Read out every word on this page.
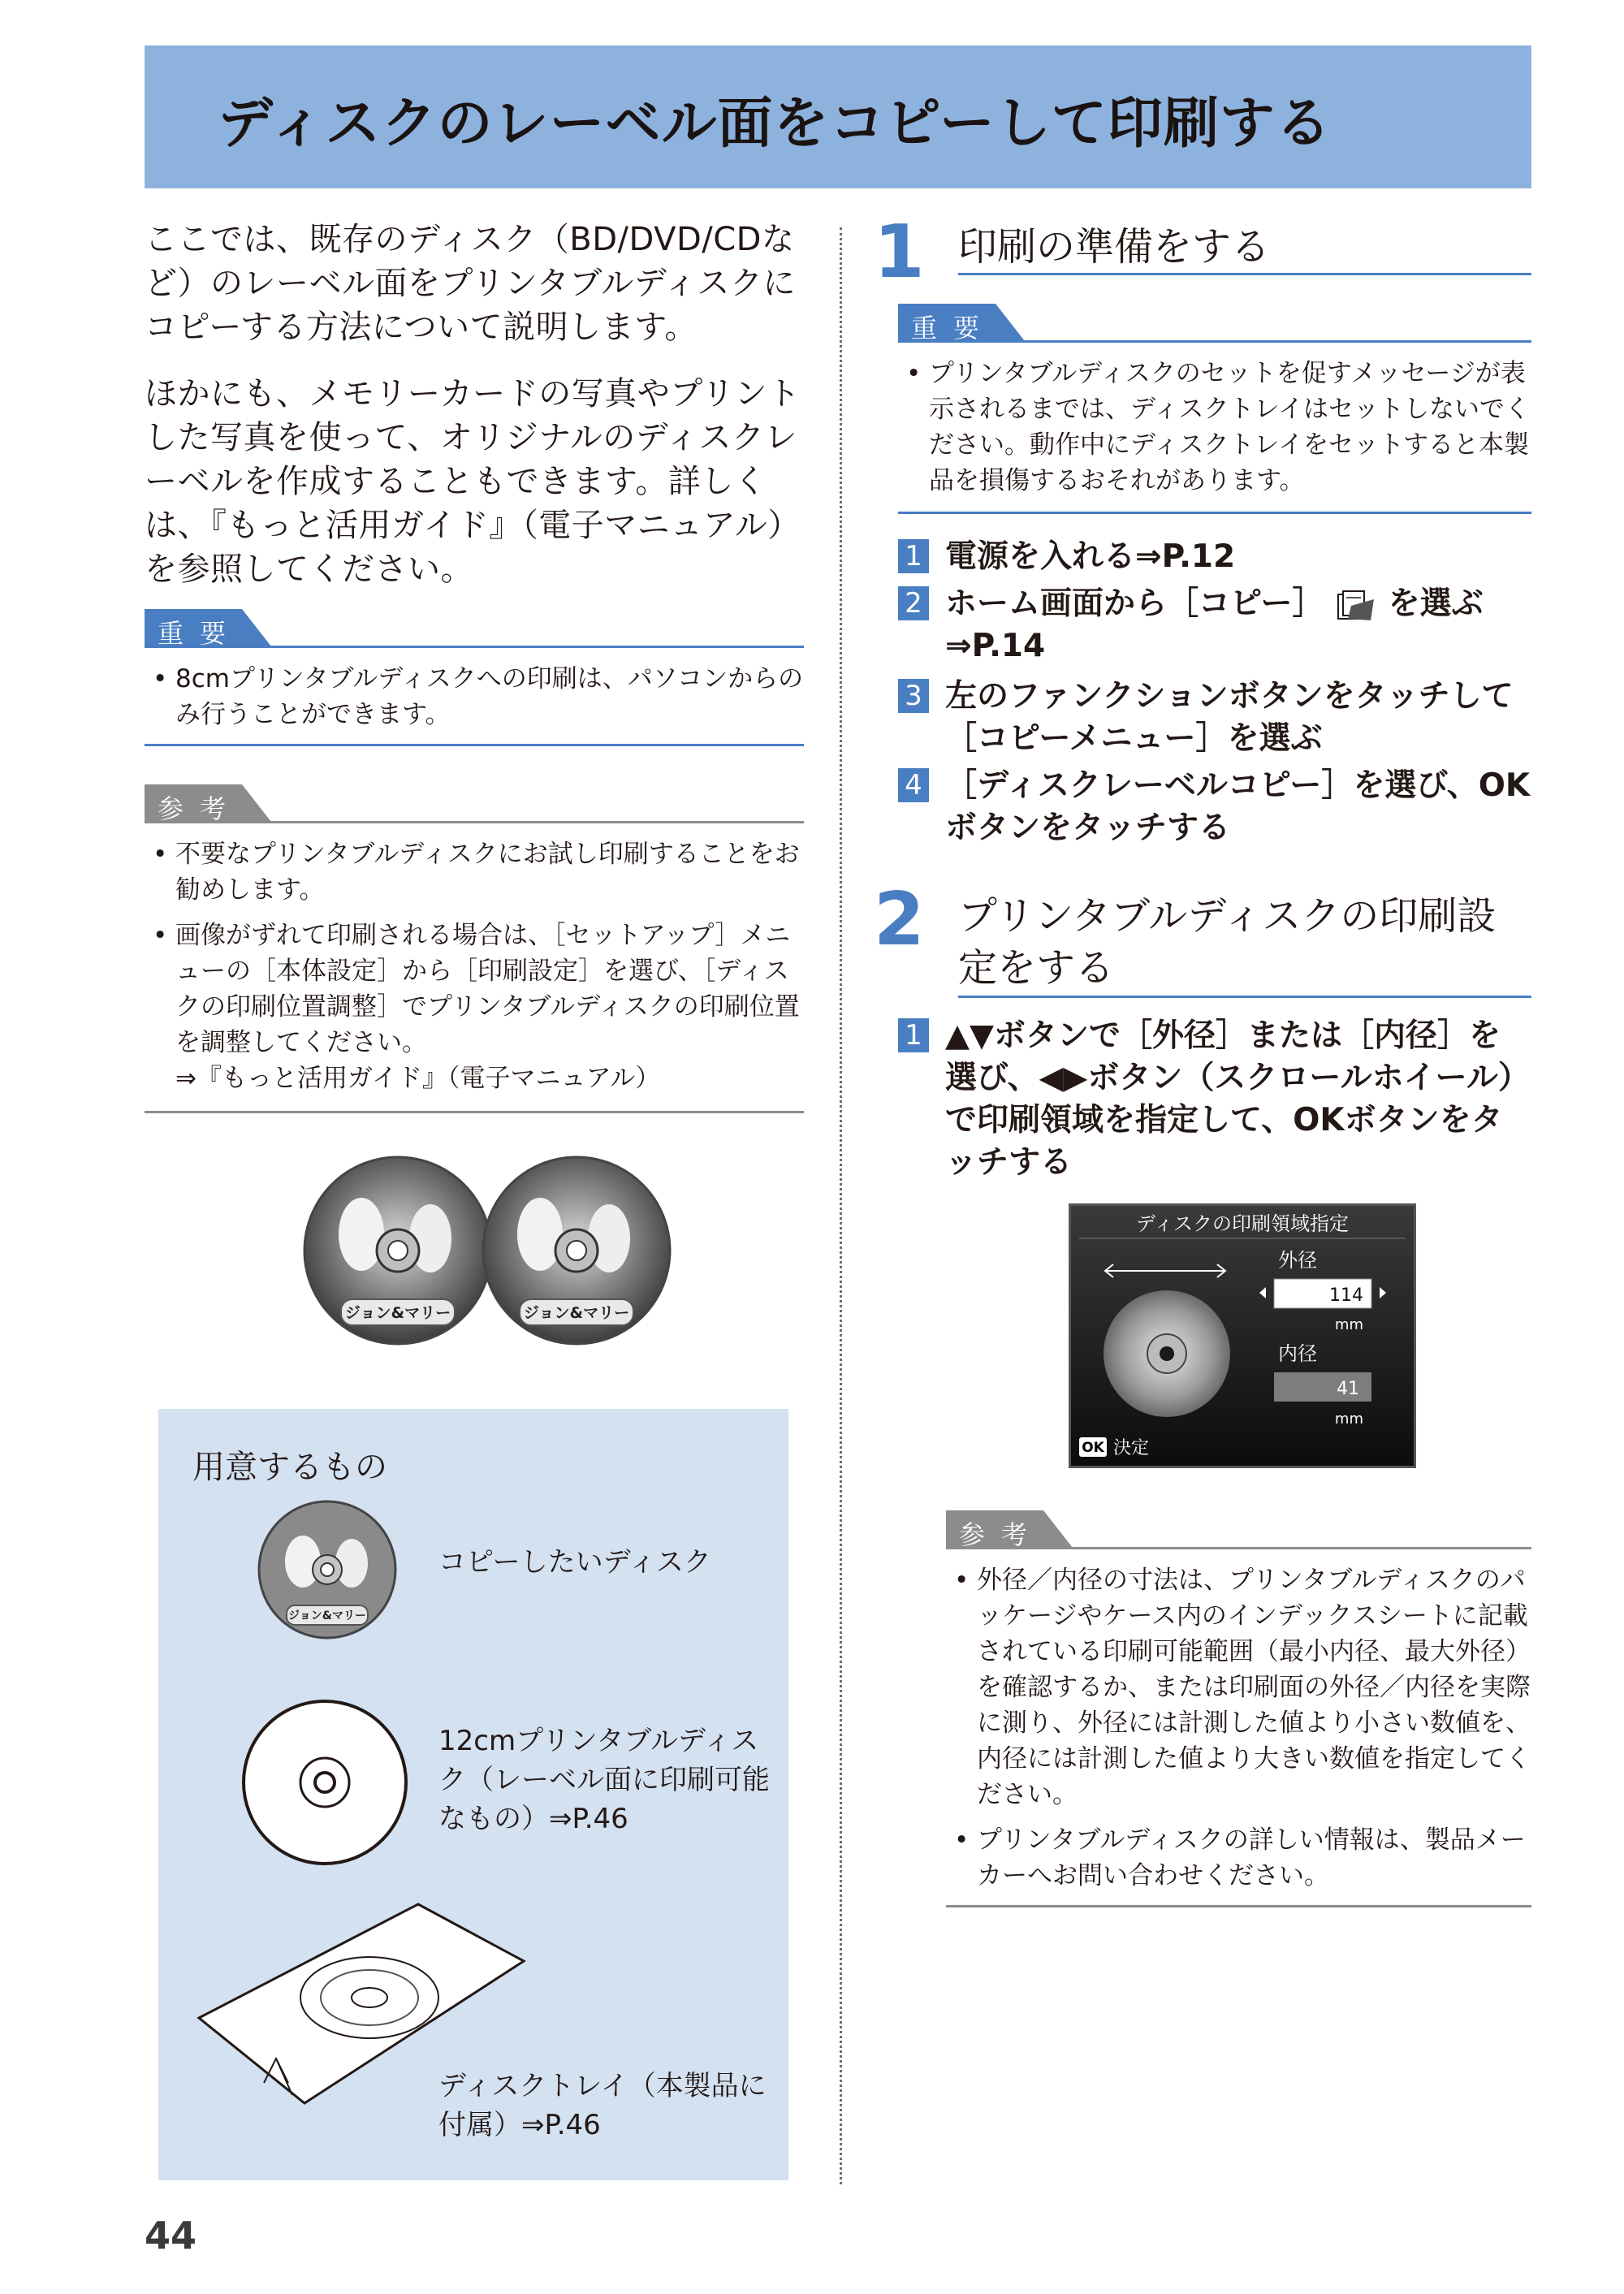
ディスクのレーベル面をコピーして印刷する

ここでは、既存のディスク（BD/DVD/CDなど）のレーベル面をプリンタブルディスクにコピーする方法について説明します。

ほかにも、メモリーカードの写真やプリントした写真を使って、オリジナルのディスクレーベルを作成することもできます。詳しくは、『もっと活用ガイド』（電子マニュアル）を参照してください。

重要
• 8cmプリンタブルディスクへの印刷は、パソコンからのみ行うことができます。
参考
• 不要なプリンタブルディスクにお試し印刷することをお勧めします。
• 画像がずれて印刷される場合は、［セットアップ］メニューの［本体設定］から［印刷設定］を選び、［ディスクの印刷位置調整］でプリンタブルディスクの印刷位置を調整してください。
⇒『もっと活用ガイド』（電子マニュアル）
ジョン&マリー	ジョン&マリー
用意するもの
ジョン&マリー

コピーしたいディスク

12cmプリンタブルディスク（レーベル面に印刷可能なもの）⇒P.46

ディスクトレイ（本製品に付属）⇒P.46

44
1 印刷の準備をする
重要
• プリンタブルディスクのセットを促すメッセージが表示されるまでは、ディスクトレイはセットしないでください。動作中にディスクトレイをセットすると本製品を損傷するおそれがあります。
1 電源を入れる⇒P.12

2 ホーム画面から［コピー］ を選ぶ
⇒P.14

3 左のファンクションボタンをタッチして［コピーメニュー］を選ぶ

4 ［ディスクレーベルコピー］を選び、OKボタンをタッチする

2 プリンタブルディスクの印刷設定をする
1 ▲▼ボタンで［外径］または［内径］を選び、◀▶ボタン（スクロールホイール）で印刷領域を指定して、OKボタンをタッチする

ディスクの印刷領域指定
外径
114
mm
内径
41
mm
OK 決定
参考
• 外径／内径の寸法は、プリンタブルディスクのパッケージやケース内のインデックスシートに記載されている印刷可能範囲（最小内径、最大外径）を確認するか、または印刷面の外径／内径を実際に測り、外径には計測した値より小さい数値を、内径には計測した値より大きい数値を指定してください。
• プリンタブルディスクの詳しい情報は、製品メーカーへお問い合わせください。
